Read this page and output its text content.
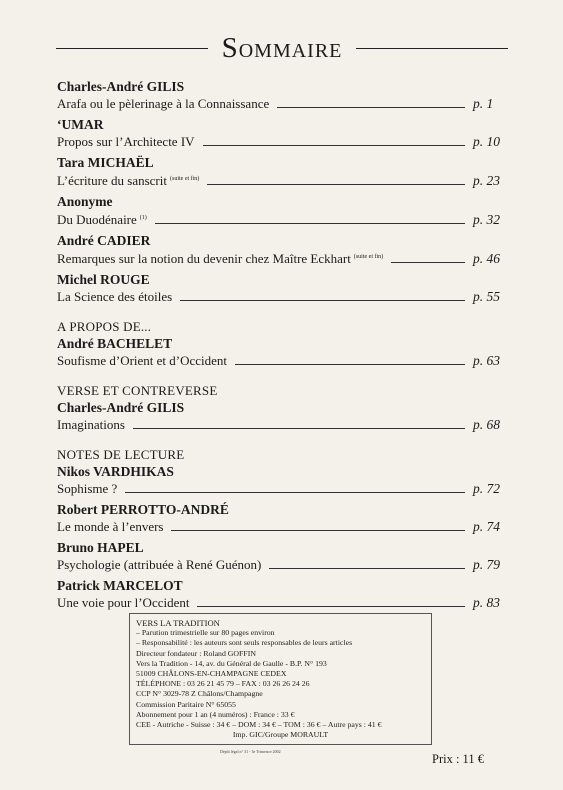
Sommaire
Charles-André GILIS
Arafa ou le pèlerinage à la Connaissance	p. 1
‘UMAR
Propos sur l’Architecte IV	p. 10
Tara MICHAËL
L’écriture du sanscrit $^{(suite et fin)}$	p. 23
Anonyme
Du Duodénaire $^{(1)}$	p. 32
André CADIER
Remarques sur la notion du devenir chez Maître Eckhart $^{(suite et fin)}$	p. 46
Michel ROUGE
La Science des étoiles	p. 55
A PROPOS DE...
André BACHELET
Soufisme d’Orient et d’Occident	p. 63
VERSE ET CONTREVERSE
Charles-André GILIS
Imaginations	p. 68
NOTES DE LECTURE
Nikos VARDHIKAS
Sophisme ?	p. 72
Robert PERROTTO-ANDRÉ
Le monde à l’envers	p. 74
Bruno HAPEL
Psychologie (attribuée à René Guénon)	p. 79
Patrick MARCELOT
Une voie pour l’Occident	p. 83
VERS LA TRADITION
– Parution trimestrielle sur 80 pages environ
– Responsabilité : les auteurs sont seuls responsables de leurs articles
Directeur fondateur : Roland GOFFIN
Vers la Tradition - 14, av. du Général de Gaulle - B.P. N° 193
51009 CHÂLONS-EN-CHAMPAGNE CEDEX
TÉLÉPHONE : 03 26 21 45 79 – FAX : 03 26 26 24 26
CCP N° 3029-78 Z Châlons/Champagne
Commission Paritaire N° 65055
Abonnement pour 1 an (4 numéros) : France : 33 €
CEE - Autriche - Suisse : 34 € – DOM : 34 € – TOM : 36 € – Autre pays : 41 €
Imp. GIC/Groupe MORAULT
Dépôt légal n° 31 - 3e Trimestre 2002
Prix : 11 €
